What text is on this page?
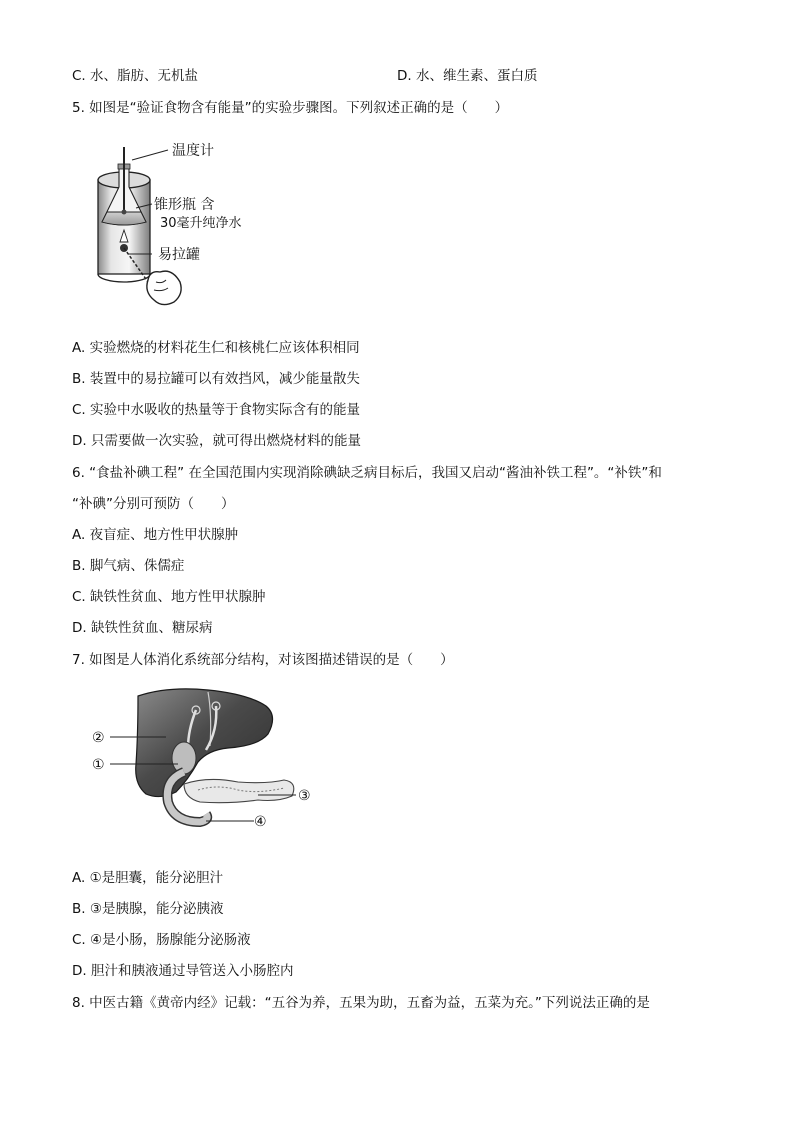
C. 水、脂肪、无机盐	D. 水、维生素、蛋白质
5. 如图是“验证食物含有能量”的实验步骤图。下列叙述正确的是（　　）
温度计
锥形瓶 含
30毫升纯净水
易拉罐
A. 实验燃烧的材料花生仁和核桃仁应该体积相同
B. 装置中的易拉罐可以有效挡风，减少能量散失
C. 实验中水吸收的热量等于食物实际含有的能量
D. 只需要做一次实验，就可得出燃烧材料的能量
6. “食盐补碘工程” 在全国范围内实现消除碘缺乏病目标后，我国又启动“酱油补铁工程”。“补铁”和
“补碘”分别可预防（　　）
A. 夜盲症、地方性甲状腺肿
B. 脚气病、侏儒症
C. 缺铁性贫血、地方性甲状腺肿
D. 缺铁性贫血、糖尿病
7. 如图是人体消化系统部分结构，对该图描述错误的是（　　）
②
①
③
④
A. ①是胆囊，能分泌胆汁
B. ③是胰腺，能分泌胰液
C. ④是小肠，肠腺能分泌肠液
D. 胆汁和胰液通过导管送入小肠腔内
8. 中医古籍《黄帝内经》记载：“五谷为养，五果为助，五畜为益，五菜为充。”下列说法正确的是
